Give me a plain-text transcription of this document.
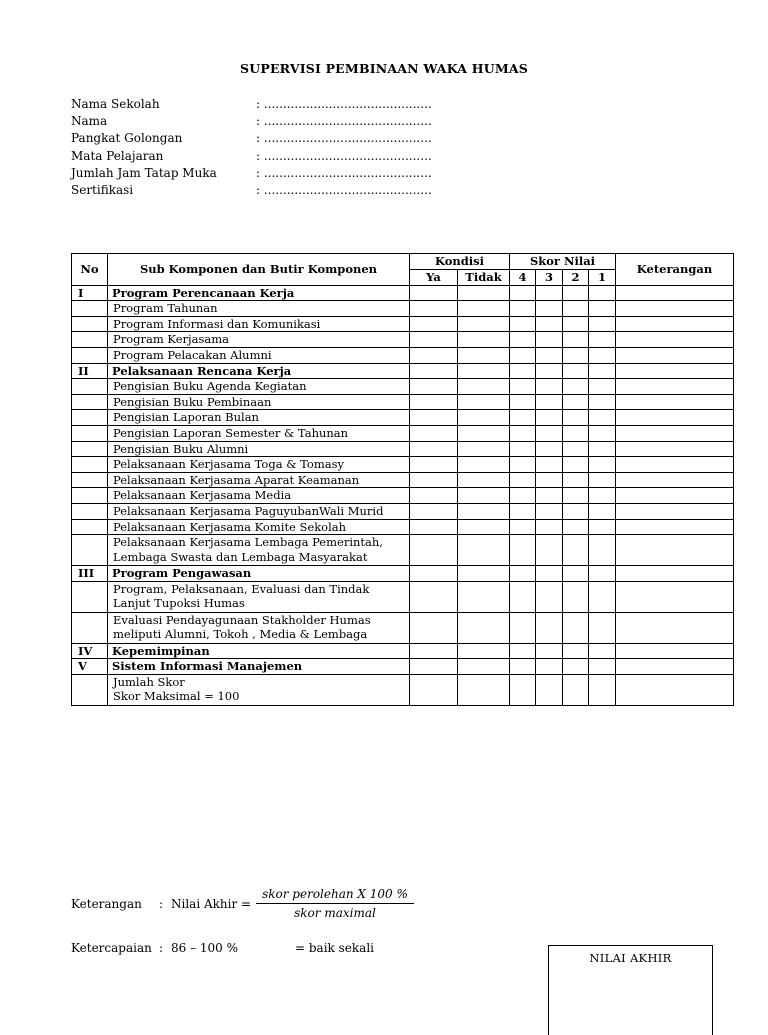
SUPERVISI PEMBINAAN WAKA HUMAS
Nama Sekolah	: ............................................
Nama	: ............................................
Pangkat Golongan	: ............................................
Mata Pelajaran	: ............................................
Jumlah Jam Tatap Muka	: ............................................
Sertifikasi	: ............................................
No	Sub Komponen dan Butir Komponen	Kondisi		Skor Nilai				Keterangan
		Ya	Tidak	4	3	2	1	
I	Program Perencanaan Kerja							

	Program Tahunan							

	Program Informasi dan Komunikasi							

	Program Kerjasama							

	Program Pelacakan Alumni							

II	Pelaksanaan Rencana Kerja							

	Pengisian Buku Agenda Kegiatan							

	Pengisian Buku Pembinaan							

	Pengisian Laporan Bulan							

	Pengisian Laporan Semester & Tahunan							

	Pengisian Buku Alumni							

	Pelaksanaan Kerjasama Toga & Tomasy							

	Pelaksanaan Kerjasama Aparat Keamanan							

	Pelaksanaan Kerjasama Media							

	Pelaksanaan Kerjasama PaguyubanWali Murid							

	Pelaksanaan Kerjasama Komite Sekolah							

	Pelaksanaan Kerjasama Lembaga Pemerintah,
Lembaga Swasta dan Lembaga Masyarakat							

III	Program Pengawasan							

	Program, Pelaksanaan, Evaluasi dan Tindak
Lanjut Tupoksi Humas							

	Evaluasi Pendayagunaan Stakholder Humas
meliputi Alumni, Tokoh , Media & Lembaga							

IV	Kepemimpinan							

V	Sistem Informasi Manajemen							

	Jumlah Skor
Skor Maksimal = 100							

Keterangan	: Nilai Akhir = $\frac{\text{skor perolehan X 100 \%}}{\text{skor maximal}}$
Ketercapaian : 86 – 100 %	= baik sekali
NILAI AKHIR
